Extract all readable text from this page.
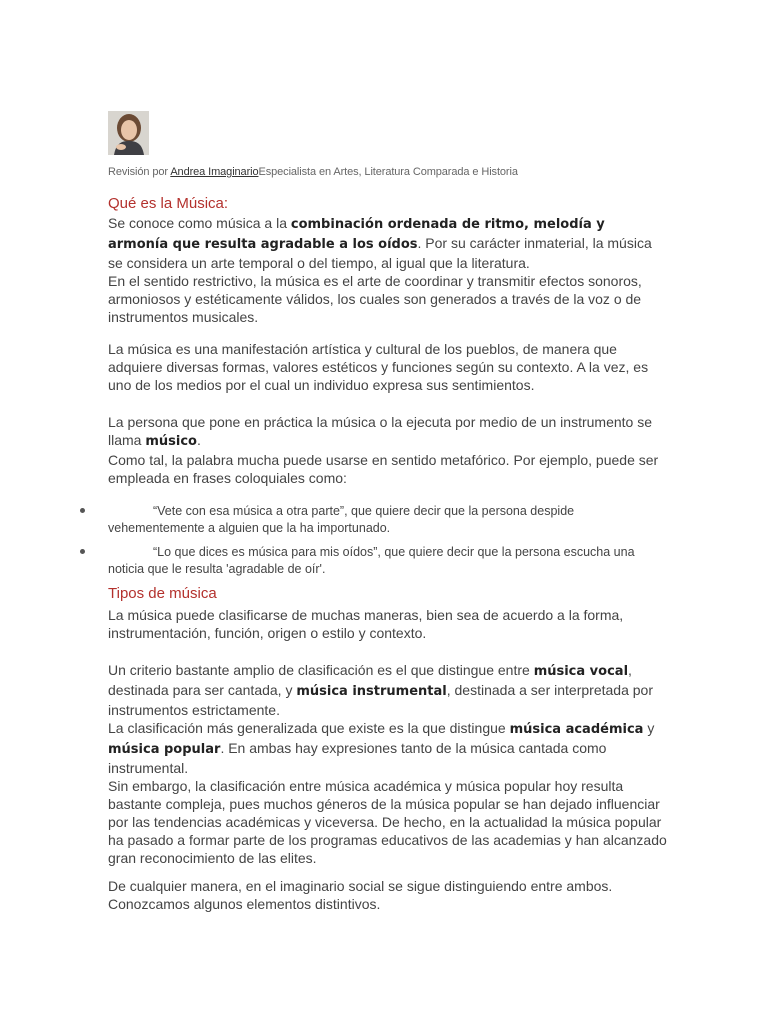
Revisión por Andrea ImaginarioEspecialista en Artes, Literatura Comparada e Historia
Qué es la Música:

Se conoce como música a la combinación ordenada de ritmo, melodía y armonía que resulta agradable a los oídos. Por su carácter inmaterial, la música se considera un arte temporal o del tiempo, al igual que la literatura.
En el sentido restrictivo, la música es el arte de coordinar y transmitir efectos sonoros, armoniosos y estéticamente válidos, los cuales son generados a través de la voz o de instrumentos musicales.

La música es una manifestación artística y cultural de los pueblos, de manera que adquiere diversas formas, valores estéticos y funciones según su contexto. A la vez, es uno de los medios por el cual un individuo expresa sus sentimientos.

La persona que pone en práctica la música o la ejecuta por medio de un instrumento se llama músico.
Como tal, la palabra mucha puede usarse en sentido metafórico. Por ejemplo, puede ser empleada en frases coloquiales como:

“Vete con esa música a otra parte”, que quiere decir que la persona despide vehementemente a alguien que la ha importunado.
“Lo que dices es música para mis oídos”, que quiere decir que la persona escucha una noticia que le resulta 'agradable de oír'.
Tipos de música

La música puede clasificarse de muchas maneras, bien sea de acuerdo a la forma, instrumentación, función, origen o estilo y contexto.

Un criterio bastante amplio de clasificación es el que distingue entre música vocal, destinada para ser cantada, y música instrumental, destinada a ser interpretada por instrumentos estrictamente.
La clasificación más generalizada que existe es la que distingue música académica y música popular. En ambas hay expresiones tanto de la música cantada como instrumental.
Sin embargo, la clasificación entre música académica y música popular hoy resulta bastante compleja, pues muchos géneros de la música popular se han dejado influenciar por las tendencias académicas y viceversa. De hecho, en la actualidad la música popular ha pasado a formar parte de los programas educativos de las academias y han alcanzado gran reconocimiento de las elites.

De cualquier manera, en el imaginario social se sigue distinguiendo entre ambos. Conozcamos algunos elementos distintivos.
